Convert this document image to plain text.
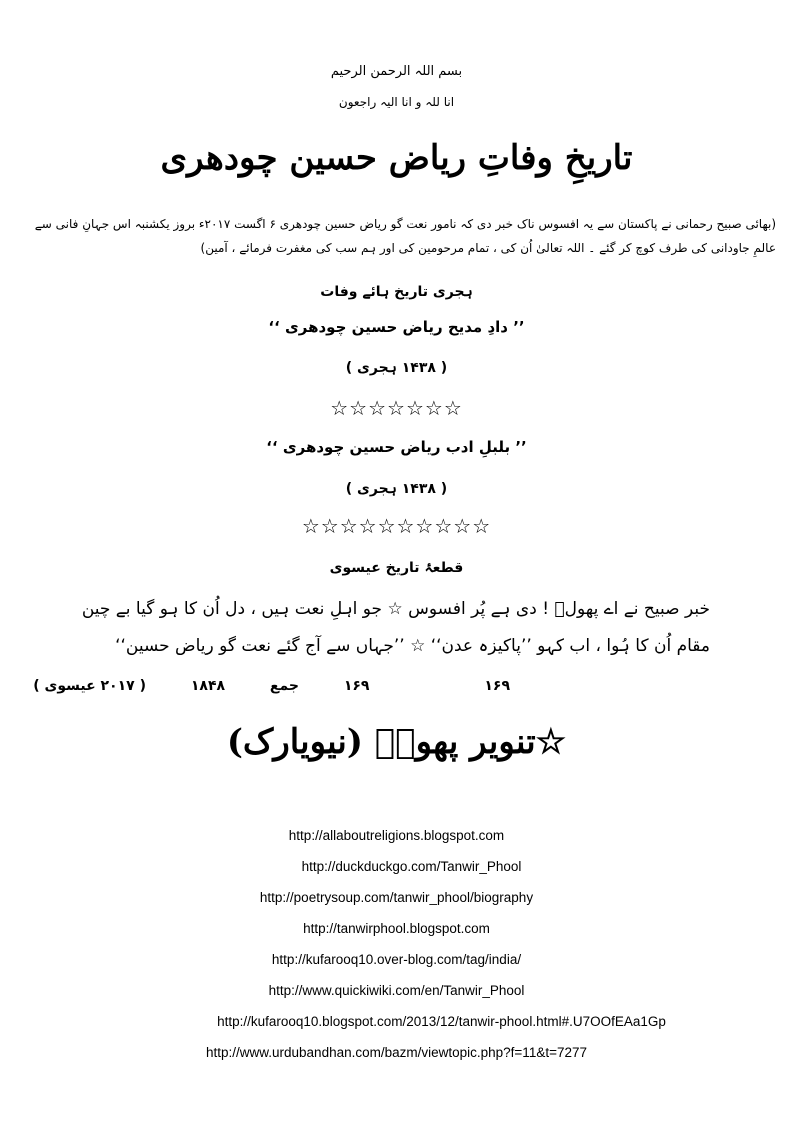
بسم اللہ الرحمن الرحیم
انا للہ و انا الیہ راجعون
تاریخِ وفاتِ ریاض حسین چودھری
(بھائی صبیح رحمانی نے پاکستان سے یہ افسوس ناک خبر دی کہ نامور نعت گو ریاض حسین چودھری ۶ اگست ۲۰۱۷ء بروز یکشنبہ اس جہانِ فانی سے عالمِ جاودانی کی طرف کوچ کر گئے ۔ اللہ تعالیٰ اُن کی ، تمام مرحومین کی اور ہم سب کی مغفرت فرمائے ، آمین)
ہجری تاریخ ہائے وفات
’’ دادِ مدیح ریاض حسین چودھری ‘‘
( ۱۴۳۸ ہجری )
☆☆☆☆☆☆☆
’’ بلبلِ ادب ریاض حسین چودھری ‘‘
( ۱۴۳۸ ہجری )
☆☆☆☆☆☆☆☆☆☆
قطعۂ تاریخ عیسوی
خبر صبیح نے اے پھولؔ ! دی ہے پُر افسوس ☆ جو اہلِ نعت ہیں ، دل اُن کا ہو گیا بے چین
مقام اُن کا ہُوا ، اب کہو ’’پاکیزہ عدن‘‘ ☆ ’’جہاں سے آج گئے نعت گو ریاض حسین‘‘
۱۶۹ ۱۶۹ جمع ۱۸۴۸ ( ۲۰۱۷ عیسوی )
☆تنویر پھولؔ (نیویارک)
http://allaboutreligions.blogspot.com
http://duckduckgo.com/Tanwir_Phool
http://poetrysoup.com/tanwir_phool/biography
http://tanwirphool.blogspot.com
http://kufarooq10.over-blog.com/tag/india/
http://www.quickiwiki.com/en/Tanwir_Phool
http://kufarooq10.blogspot.com/2013/12/tanwir-phool.html#.U7OOfEAa1Gp
http://www.urdubandhan.com/bazm/viewtopic.php?f=11&t=7277
